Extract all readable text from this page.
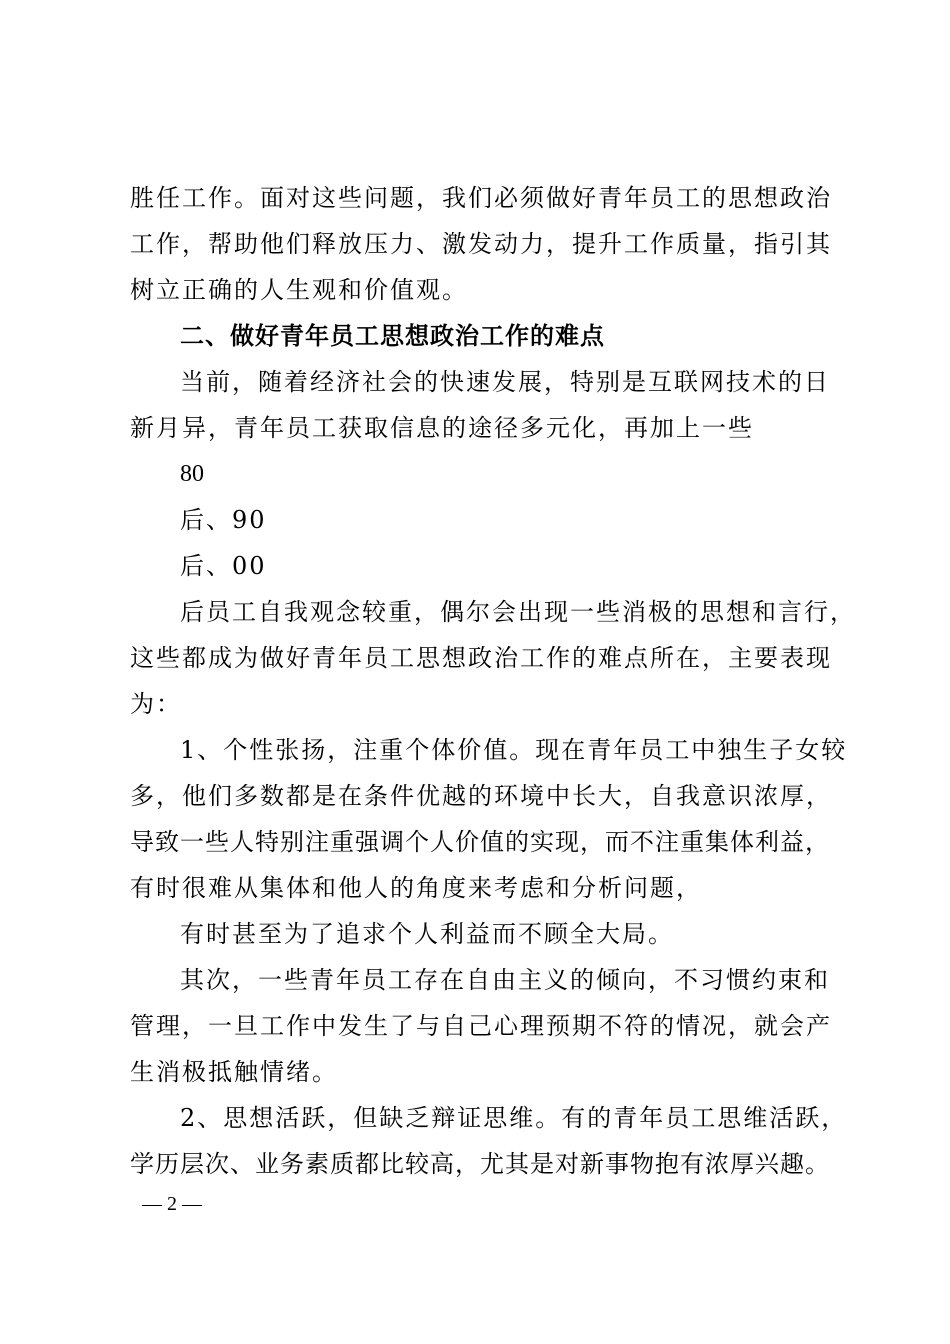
胜任工作。面对这些问题，我们必须做好青年员工的思想政治
工作，帮助他们释放压力、激发动力，提升工作质量，指引其
树立正确的人生观和价值观。
二、做好青年员工思想政治工作的难点
当前，随着经济社会的快速发展，特别是互联网技术的日
新月异，青年员工获取信息的途径多元化，再加上一些
80
后、90
后、00
后员工自我观念较重，偶尔会出现一些消极的思想和言行，
这些都成为做好青年员工思想政治工作的难点所在，主要表现
为：
1、个性张扬，注重个体价值。现在青年员工中独生子女较
多，他们多数都是在条件优越的环境中长大，自我意识浓厚，
导致一些人特别注重强调个人价值的实现，而不注重集体利益，
有时很难从集体和他人的角度来考虑和分析问题，
有时甚至为了追求个人利益而不顾全大局。
其次，一些青年员工存在自由主义的倾向，不习惯约束和
管理，一旦工作中发生了与自己心理预期不符的情况，就会产
生消极抵触情绪。
2、思想活跃，但缺乏辩证思维。有的青年员工思维活跃，
学历层次、业务素质都比较高，尤其是对新事物抱有浓厚兴趣。
— 2 —
